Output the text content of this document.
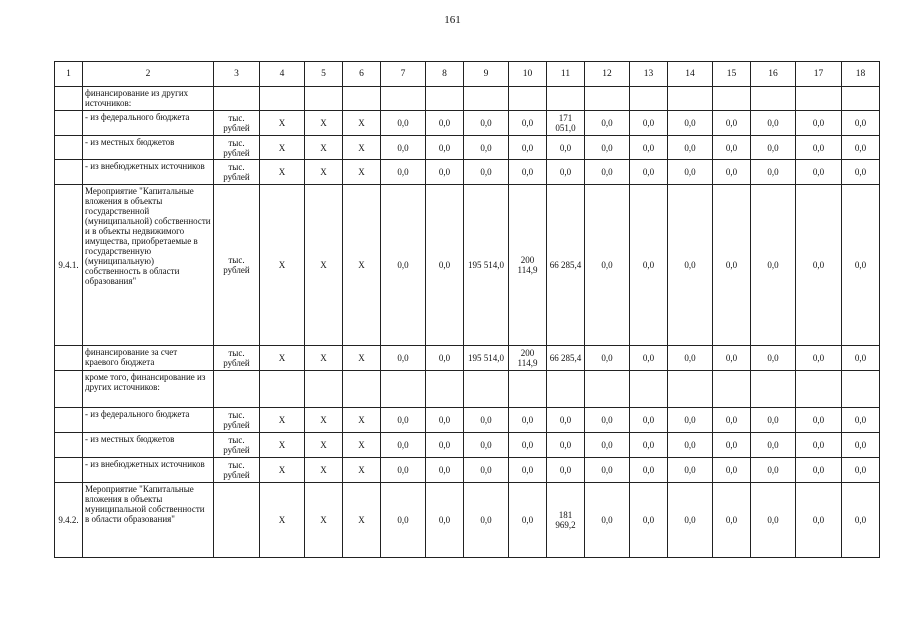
161
1	2	3	4	5	6	7	8	9	10	11	12	13	14	15	16	17	18
	финансирование из других источников:																
	- из федерального бюджета	тыс. рублей	X	X	X	0,0	0,0	0,0	0,0	171 051,0	0,0	0,0	0,0	0,0	0,0	0,0	0,0
	- из местных бюджетов	тыс. рублей	X	X	X	0,0	0,0	0,0	0,0	0,0	0,0	0,0	0,0	0,0	0,0	0,0	0,0
	- из внебюджетных источников	тыс. рублей	X	X	X	0,0	0,0	0,0	0,0	0,0	0,0	0,0	0,0	0,0	0,0	0,0	0,0
9.4.1.	Мероприятие "Капитальные вложения в объекты государственной (муниципальной) собственности и в объекты недвижимого имущества, приобретаемые в государственную (муниципальную) собственность в области образования"	тыс. рублей	X	X	X	0,0	0,0	195 514,0	200 114,9	66 285,4	0,0	0,0	0,0	0,0	0,0	0,0	0,0
	финансирование за счет краевого бюджета	тыс. рублей	X	X	X	0,0	0,0	195 514,0	200 114,9	66 285,4	0,0	0,0	0,0	0,0	0,0	0,0	0,0
	кроме того, финансирование из других источников:																
	- из федерального бюджета	тыс. рублей	X	X	X	0,0	0,0	0,0	0,0	0,0	0,0	0,0	0,0	0,0	0,0	0,0	0,0
	- из местных бюджетов	тыс. рублей	X	X	X	0,0	0,0	0,0	0,0	0,0	0,0	0,0	0,0	0,0	0,0	0,0	0,0
	- из внебюджетных источников	тыс. рублей	X	X	X	0,0	0,0	0,0	0,0	0,0	0,0	0,0	0,0	0,0	0,0	0,0	0,0
9.4.2.	Мероприятие "Капитальные вложения в объекты муниципальной собственности в области образования"		X	X	X	0,0	0,0	0,0	0,0	181 969,2	0,0	0,0	0,0	0,0	0,0	0,0	0,0
